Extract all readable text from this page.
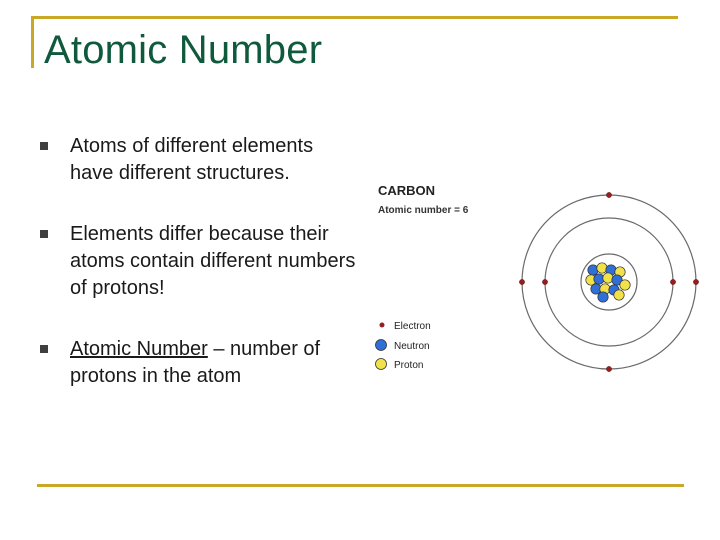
Atomic Number
Atoms of different elements have different structures.
Elements differ because their atoms contain different numbers of protons!
Atomic Number – number of protons in the atom
CARBON
Atomic number = 6
Electron
Neutron
Proton
